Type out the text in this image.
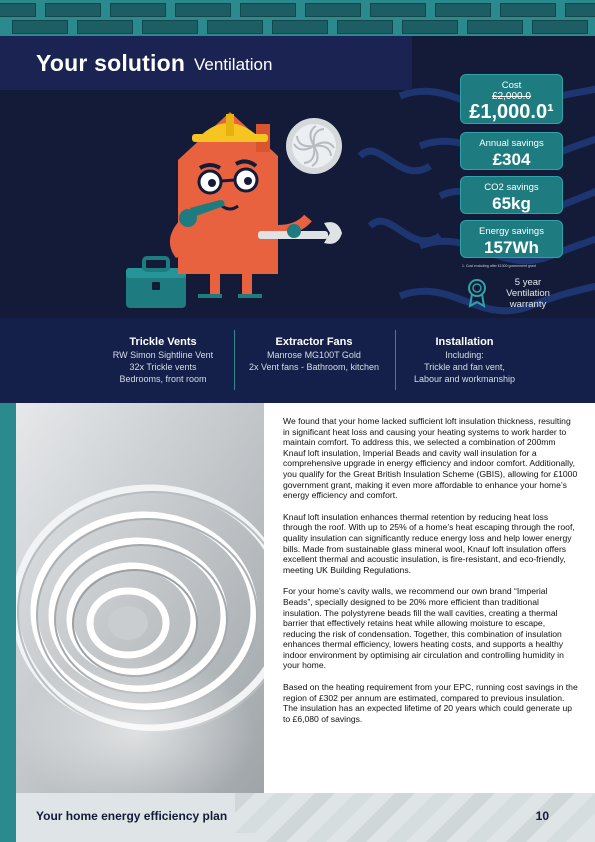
Your solution Ventilation
Cost
£2,000.0
£1,000.0¹
Annual savings
£304
CO2 savings
65kg
Energy savings
157Wh
1. Cost excluding after £1000 government grant
5 year
Ventilation
warranty
Trickle Vents
RW Simon Sightline Vent
32x Trickle vents
Bedrooms, front room
Extractor Fans
Manrose MG100T Gold
2x Vent fans - Bathroom, kitchen
Installation
Including:
Trickle and fan vent,
Labour and workmanship

We found that your home lacked sufficient loft insulation thickness, resulting in significant heat loss and causing your heating systems to work harder to maintain comfort. To address this, we selected a combination of 200mm Knauf loft insulation, Imperial Beads and cavity wall insulation for a comprehensive upgrade in energy efficiency and indoor comfort. Additionally, you qualify for the Great British Insulation Scheme (GBIS), allowing for £1000 government grant, making it even more affordable to enhance your home’s energy efficiency and comfort.

Knauf loft insulation enhances thermal retention by reducing heat loss through the roof. With up to 25% of a home’s heat escaping through the roof, quality insulation can significantly reduce energy loss and help lower energy bills. Made from sustainable glass mineral wool, Knauf loft insulation offers excellent thermal and acoustic insulation, is fire-resistant, and eco-friendly, meeting UK Building Regulations.

For your home’s cavity walls, we recommend our own brand “Imperial Beads”, specially designed to be 20% more efficient than traditional insulation. The polystyrene beads fill the wall cavities, creating a thermal barrier that effectively retains heat while allowing moisture to escape, reducing the risk of condensation. Together, this combination of insulation enhances thermal efficiency, lowers heating costs, and supports a healthy indoor environment by optimising air circulation and controlling humidity in your home.

Based on the heating requirement from your EPC, running cost savings in the region of £302 per annum are estimated, compared to previous insulation. The insulation has an expected lifetime of 20 years which could generate up to £6,080 of savings.

Your home energy efficiency plan	10
